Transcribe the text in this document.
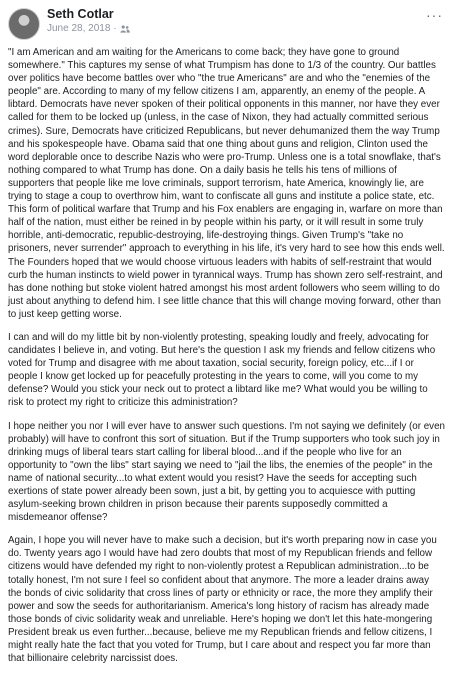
Seth Cotlar
June 28, 2018 ·
···

"I am American and am waiting for the Americans to come back; they have gone to ground somewhere." This captures my sense of what Trumpism has done to 1/3 of the country. Our battles over politics have become battles over who "the true Americans" are and who the "enemies of the people" are. According to many of my fellow citizens I am, apparently, an enemy of the people. A libtard. Democrats have never spoken of their political opponents in this manner, nor have they ever called for them to be locked up (unless, in the case of Nixon, they had actually committed serious crimes). Sure, Democrats have criticized Republicans, but never dehumanized them the way Trump and his spokespeople have. Obama said that one thing about guns and religion, Clinton used the word deplorable once to describe Nazis who were pro-Trump. Unless one is a total snowflake, that's nothing compared to what Trump has done. On a daily basis he tells his tens of millions of supporters that people like me love criminals, support terrorism, hate America, knowingly lie, are trying to stage a coup to overthrow him, want to confiscate all guns and institute a police state, etc. This form of political warfare that Trump and his Fox enablers are engaging in, warfare on more than half of the nation, must either be reined in by people within his party, or it will result in some truly horrible, anti-democratic, republic-destroying, life-destroying things. Given Trump's "take no prisoners, never surrender" approach to everything in his life, it's very hard to see how this ends well. The Founders hoped that we would choose virtuous leaders with habits of self-restraint that would curb the human instincts to wield power in tyrannical ways. Trump has shown zero self-restraint, and has done nothing but stoke violent hatred amongst his most ardent followers who seem willing to do just about anything to defend him. I see little chance that this will change moving forward, other than to just keep getting worse.

I can and will do my little bit by non-violently protesting, speaking loudly and freely, advocating for candidates I believe in, and voting. But here's the question I ask my friends and fellow citizens who voted for Trump and disagree with me about taxation, social security, foreign policy, etc...if I or people I know get locked up for peacefully protesting in the years to come, will you come to my defense? Would you stick your neck out to protect a libtard like me? What would you be willing to risk to protect my right to criticize this administration?

I hope neither you nor I will ever have to answer such questions. I'm not saying we definitely (or even probably) will have to confront this sort of situation. But if the Trump supporters who took such joy in drinking mugs of liberal tears start calling for liberal blood...and if the people who live for an opportunity to "own the libs" start saying we need to "jail the libs, the enemies of the people" in the name of national security...to what extent would you resist? Have the seeds for accepting such exertions of state power already been sown, just a bit, by getting you to acquiesce with putting asylum-seeking brown children in prison because their parents supposedly committed a misdemeanor offense?

Again, I hope you will never have to make such a decision, but it's worth preparing now in case you do. Twenty years ago I would have had zero doubts that most of my Republican friends and fellow citizens would have defended my right to non-violently protest a Republican administration...to be totally honest, I'm not sure I feel so confident about that anymore. The more a leader drains away the bonds of civic solidarity that cross lines of party or ethnicity or race, the more they amplify their power and sow the seeds for authoritarianism. America's long history of racism has already made those bonds of civic solidarity weak and unreliable. Here's hoping we don't let this hate-mongering President break us even further...because, believe me my Republican friends and fellow citizens, I might really hate the fact that you voted for Trump, but I care about and respect you far more than that billionaire celebrity narcissist does.
